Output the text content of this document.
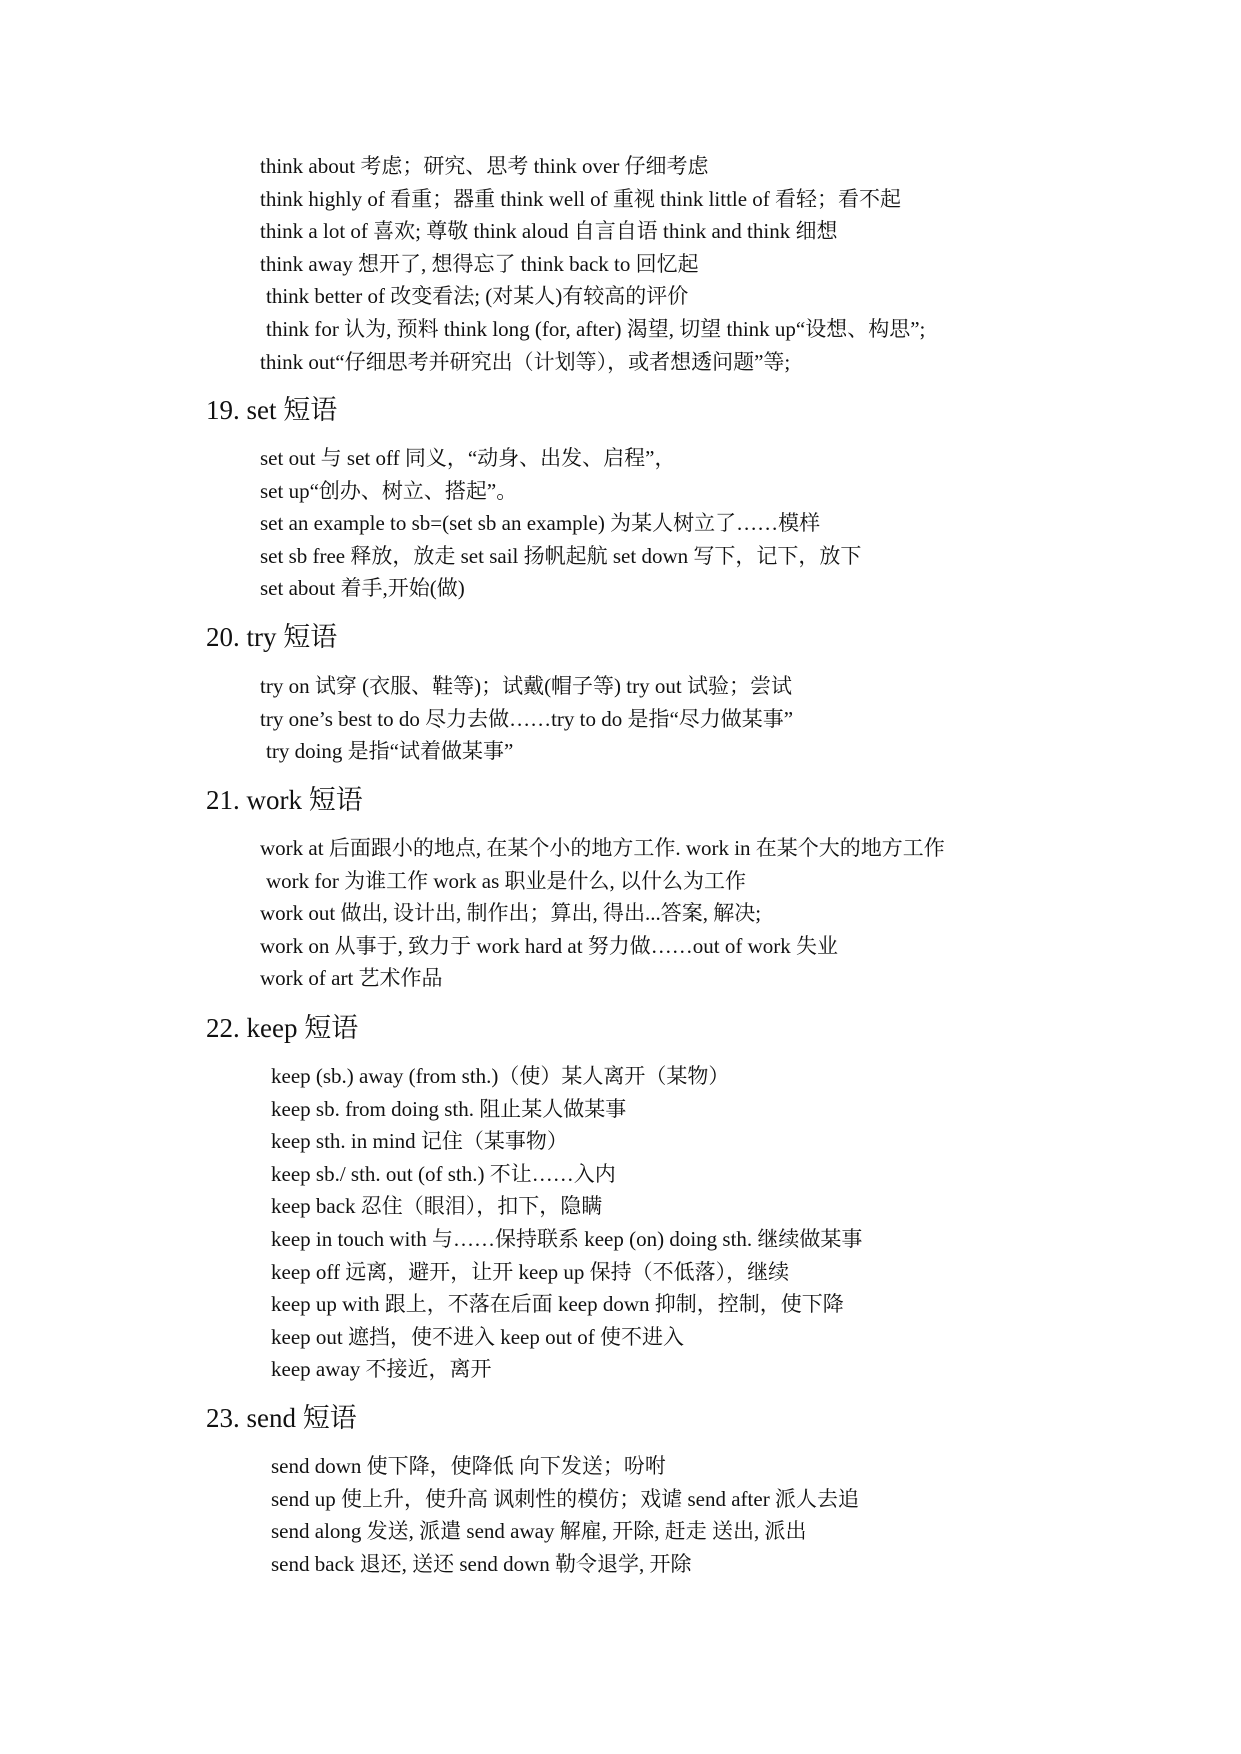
think about 考虑；研究、思考 think over 仔细考虑
think highly of 看重；器重 think well of 重视 think little of 看轻；看不起
think a lot of 喜欢; 尊敬 think aloud 自言自语 think and think 细想
think away 想开了, 想得忘了 think back to 回忆起
think better of 改变看法; (对某人)有较高的评价
think for 认为, 预料 think long (for, after) 渴望, 切望 think up“设想、构思”;
think out“仔细思考并研究出（计划等），或者想透问题”等;
19. set 短语
set out 与 set off 同义，“动身、出发、启程”，
set up“创办、树立、搭起”。
set an example to sb=(set sb an example) 为某人树立了……模样
set sb free 释放，放走 set sail 扬帆起航 set down 写下，记下，放下
set about 着手,开始(做)
20. try 短语
try on 试穿 (衣服、鞋等)；试戴(帽子等) try out 试验；尝试
try one’s best to do 尽力去做……try to do 是指“尽力做某事”
try doing 是指“试着做某事”
21. work 短语
work at 后面跟小的地点, 在某个小的地方工作. work in 在某个大的地方工作
work for 为谁工作 work as 职业是什么, 以什么为工作
work out 做出, 设计出, 制作出；算出, 得出...答案, 解决;
work on 从事于, 致力于 work hard at 努力做……out of work 失业
work of art 艺术作品
22. keep 短语
keep (sb.) away (from sth.)（使）某人离开（某物）
keep sb. from doing sth. 阻止某人做某事
keep sth. in mind 记住（某事物）
keep sb./ sth. out (of sth.) 不让……入内
keep back 忍住（眼泪），扣下，隐瞒
keep in touch with 与……保持联系 keep (on) doing sth. 继续做某事
keep off 远离，避开，让开 keep up 保持（不低落），继续
keep up with 跟上，不落在后面 keep down 抑制，控制，使下降
keep out 遮挡，使不进入 keep out of 使不进入
keep away 不接近，离开
23. send 短语
send down 使下降，使降低 向下发送；吩咐
send up 使上升，使升高 讽刺性的模仿；戏谑 send after 派人去追
send along 发送, 派遣 send away 解雇, 开除, 赶走 送出, 派出
send back 退还, 送还 send down 勒令退学, 开除
